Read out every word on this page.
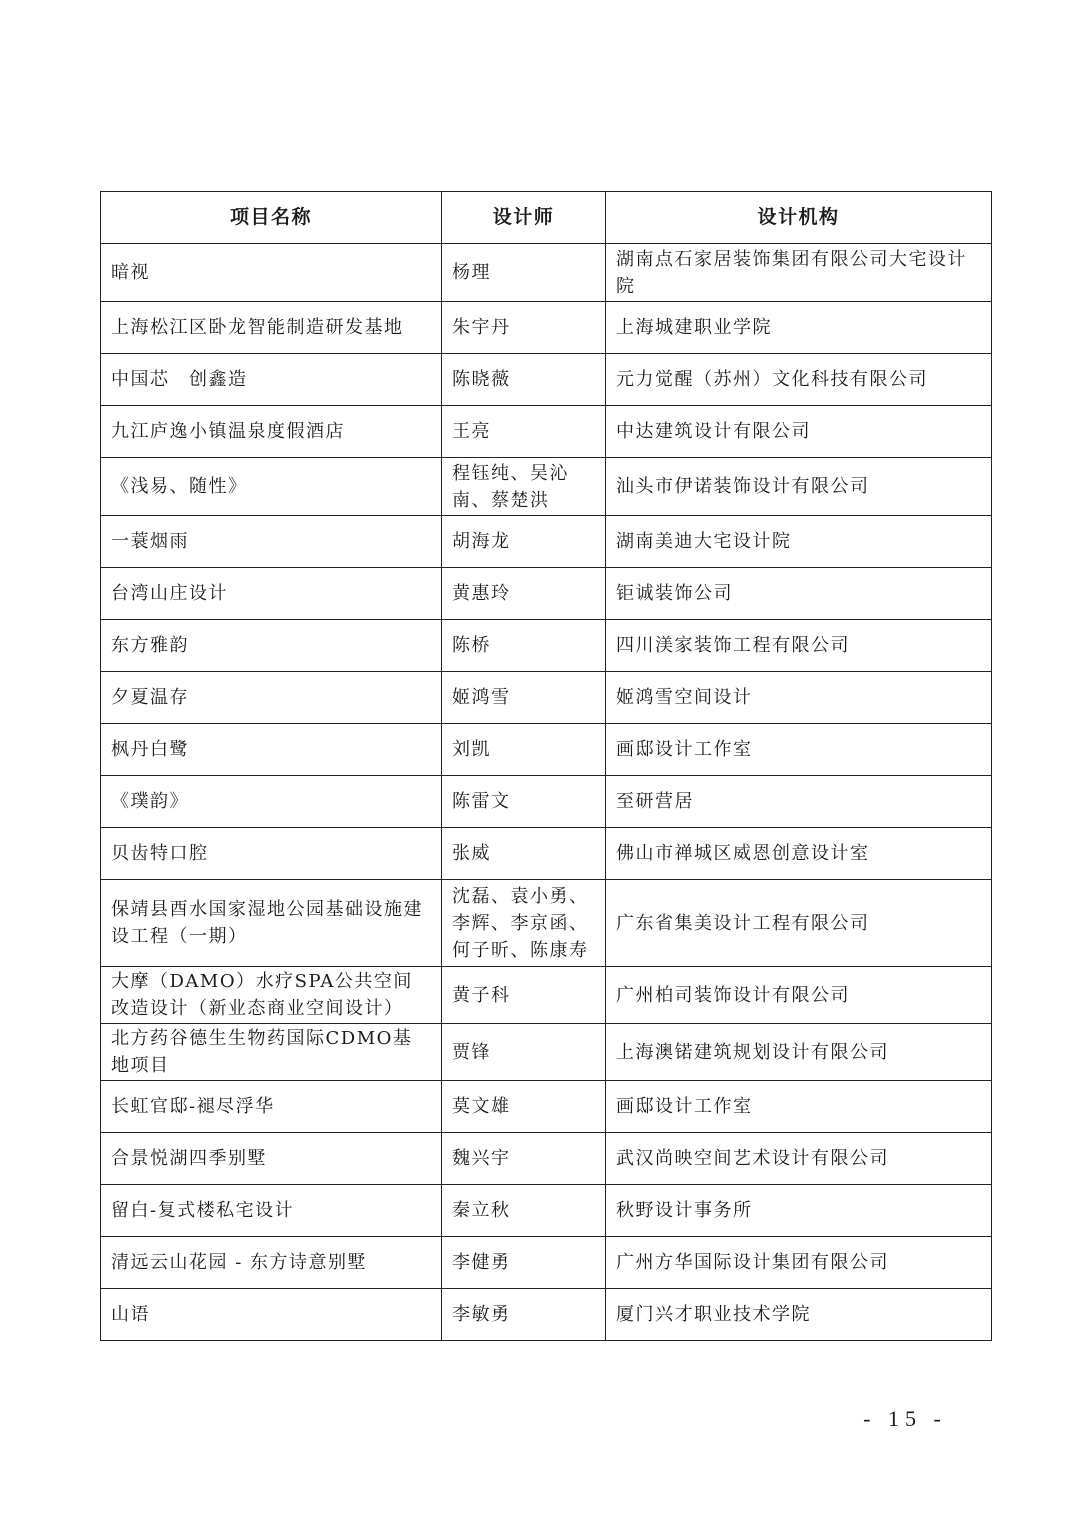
项目名称	设计师	设计机构
暗视	杨理	湖南点石家居装饰集团有限公司大宅设计院
上海松江区卧龙智能制造研发基地	朱宇丹	上海城建职业学院
中国芯　创鑫造	陈晓薇	元力觉醒（苏州）文化科技有限公司
九江庐逸小镇温泉度假酒店	王亮	中达建筑设计有限公司
《浅易、随性》	程钰纯、吴沁南、蔡楚洪	汕头市伊诺装饰设计有限公司
一蓑烟雨	胡海龙	湖南美迪大宅设计院
台湾山庄设计	黄惠玲	钜诚装饰公司
东方雅韵	陈桥	四川渼家装饰工程有限公司
夕夏温存	姬鸿雪	姬鸿雪空间设计
枫丹白鹭	刘凯	画邸设计工作室
《璞韵》	陈雷文	至研营居
贝齿特口腔	张威	佛山市禅城区威恩创意设计室
保靖县酉水国家湿地公园基础设施建设工程（一期）	沈磊、袁小勇、李辉、李京函、何子昕、陈康寿	广东省集美设计工程有限公司
大摩（DAMO）水疗SPA公共空间改造设计（新业态商业空间设计）	黄子科	广州柏司装饰设计有限公司
北方药谷德生生物药国际CDMO基地项目	贾锋	上海澳锘建筑规划设计有限公司
长虹官邸-褪尽浮华	莫文雄	画邸设计工作室
合景悦湖四季别墅	魏兴宇	武汉尚映空间艺术设计有限公司
留白-复式楼私宅设计	秦立秋	秋野设计事务所
清远云山花园 - 东方诗意别墅	李健勇	广州方华国际设计集团有限公司
山语	李敏勇	厦门兴才职业技术学院
- 15 -
